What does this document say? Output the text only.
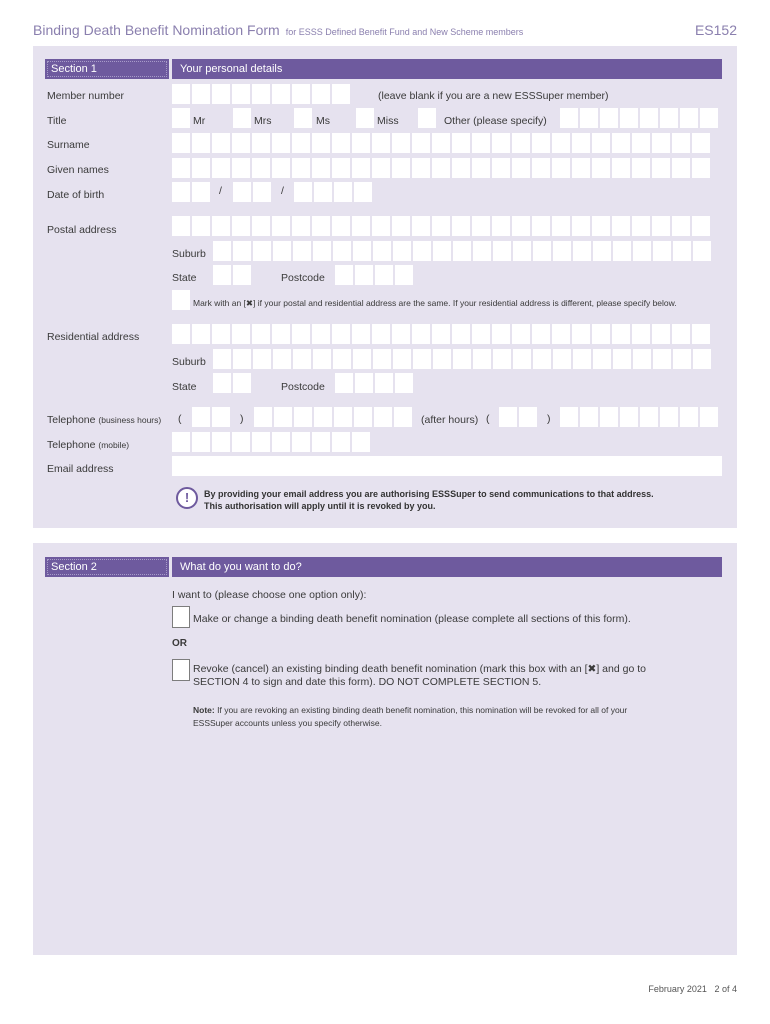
Binding Death Benefit Nomination Form for ESSS Defined Benefit Fund and New Scheme members	ES152
Section 1	Your personal details
Member number	(leave blank if you are a new ESSSuper member)
Title	Mr	Mrs	Ms	Miss	Other (please specify)
Surname
Given names
Date of birth	/	/
Postal address
Suburb
State	Postcode
Mark with an [✖] if your postal and residential address are the same. If your residential address is different, please specify below.
Residential address
Suburb
State	Postcode
Telephone (business hours) (	)	(after hours) (	)
Telephone (mobile)
Email address
!	By providing your email address you are authorising ESSSuper to send communications to that address.
This authorisation will apply until it is revoked by you.
Section 2	What do you want to do?
I want to (please choose one option only):
Make or change a binding death benefit nomination (please complete all sections of this form).
OR
Revoke (cancel) an existing binding death benefit nomination (mark this box with an [✖] and go to
SECTION 4 to sign and date this form). DO NOT COMPLETE SECTION 5.
Note: If you are revoking an existing binding death benefit nomination, this nomination will be revoked for all of your
ESSSuper accounts unless you specify otherwise.
February 2021 2 of 4
